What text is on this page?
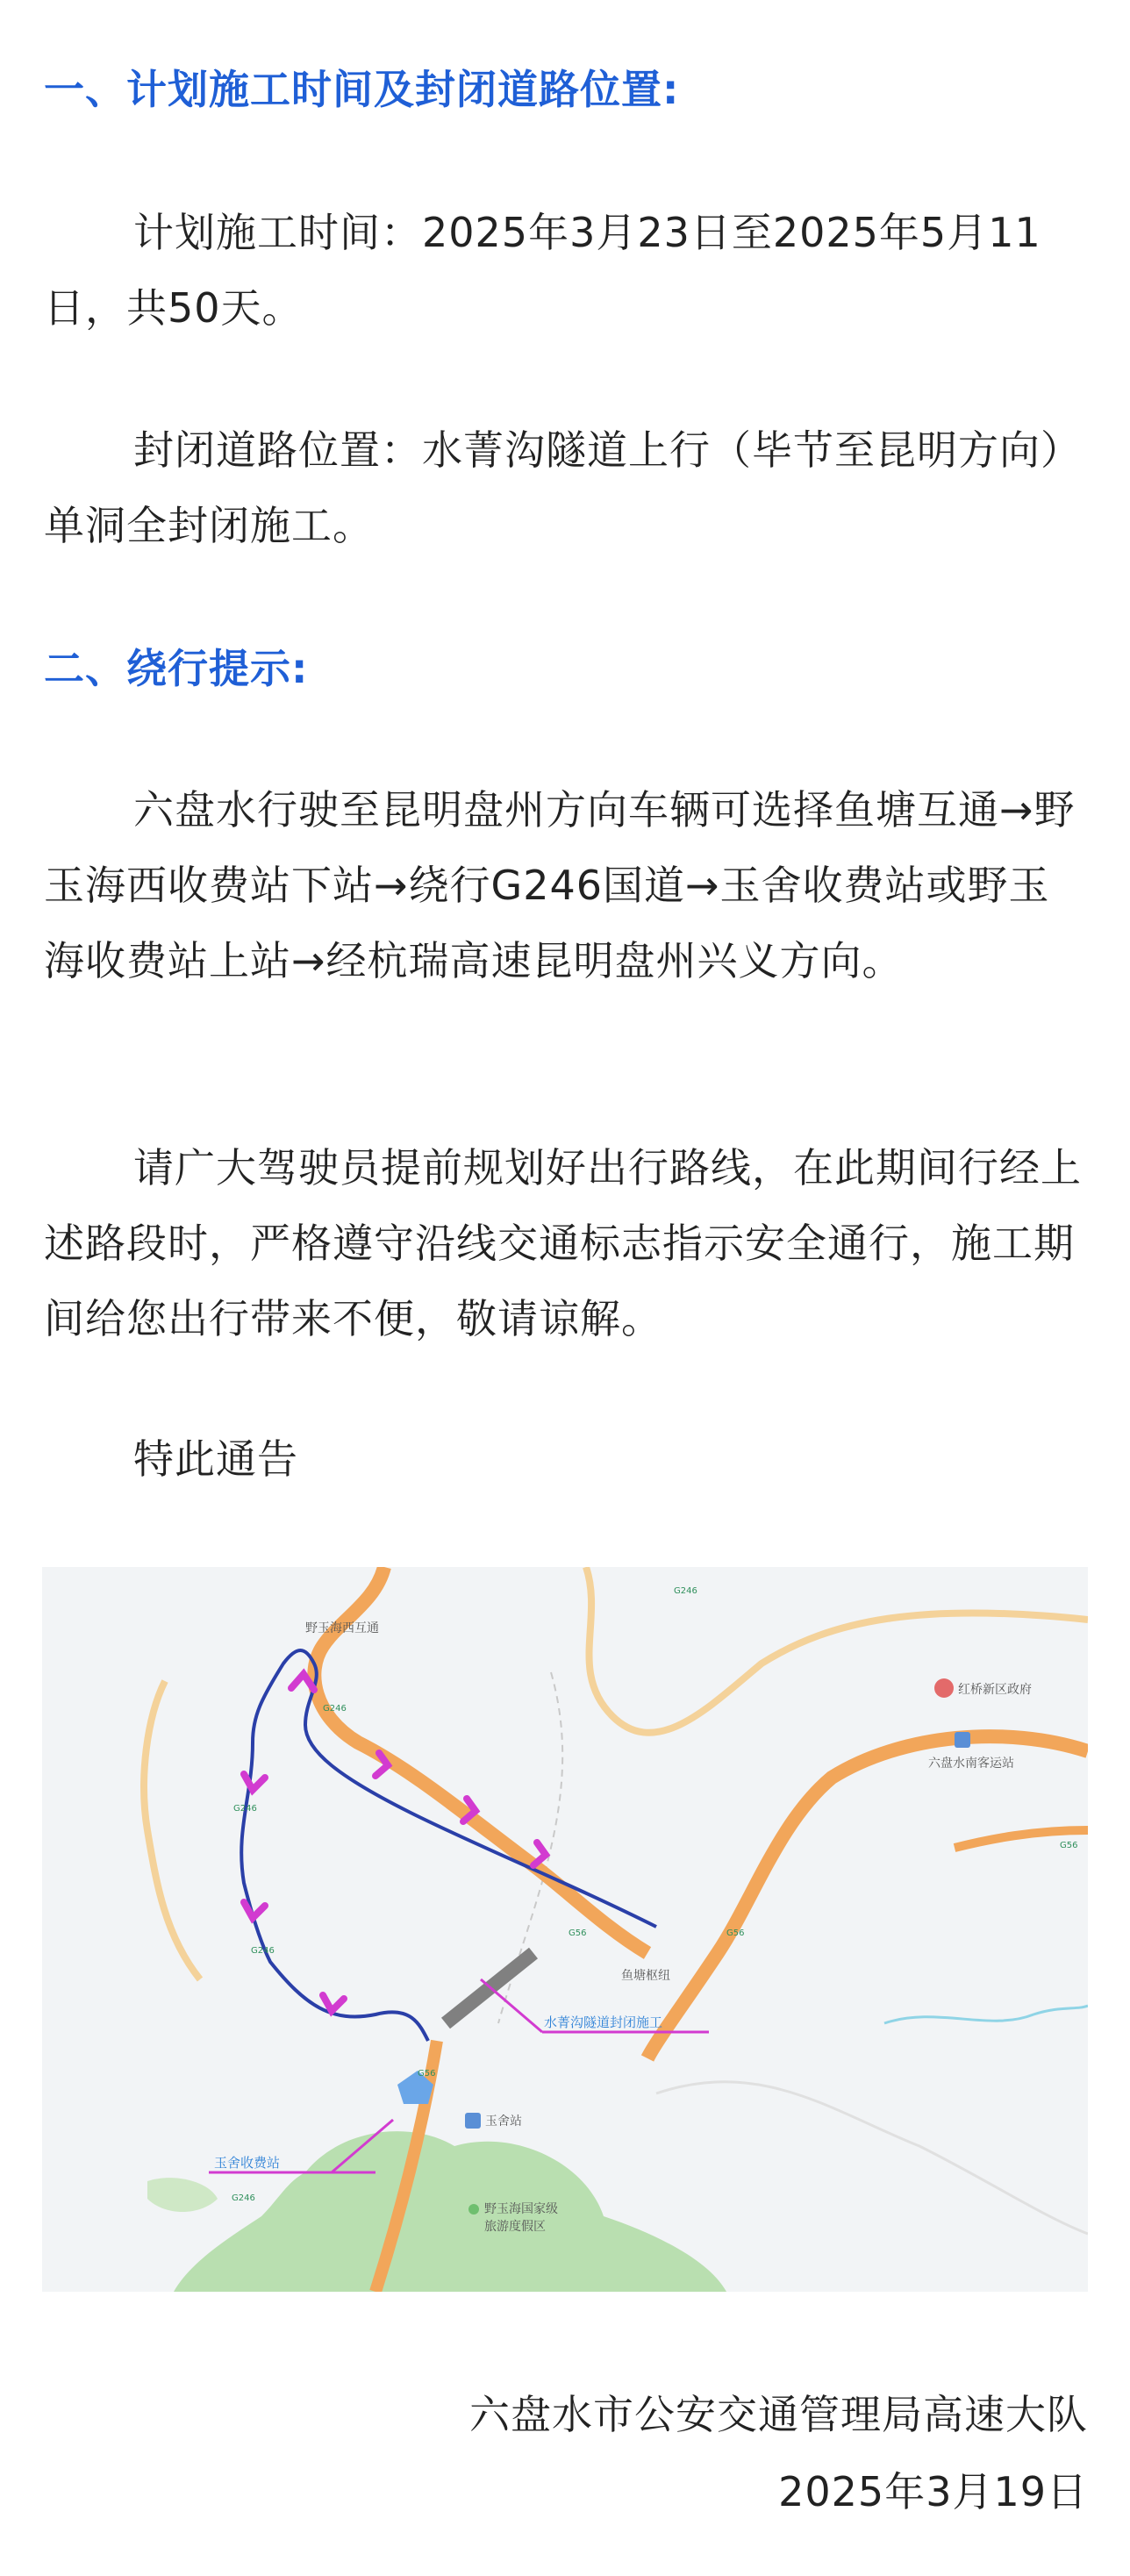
一、计划施工时间及封闭道路位置:
计划施工时间：2025年3月23日至2025年5月11日，共50天。
封闭道路位置：水菁沟隧道上行（毕节至昆明方向）单洞全封闭施工。
二、绕行提示:
六盘水行驶至昆明盘州方向车辆可选择鱼塘互通→野玉海西收费站下站→绕行G246国道→玉舍收费站或野玉海收费站上站→经杭瑞高速昆明盘州兴义方向。
请广大驾驶员提前规划好出行路线，在此期间行经上述路段时，严格遵守沿线交通标志指示安全通行，施工期间给您出行带来不便，敬请谅解。
特此通告
野玉海西互通
红桥新区政府
六盘水南客运站
鱼塘枢纽
玉舍站
野玉海国家级
旅游度假区
水菁沟隧道封闭施工
玉舍收费站
G246
G246
G246
G246
G246
G56	G56
G56
G56
六盘水市公安交通管理局高速大队
2025年3月19日
